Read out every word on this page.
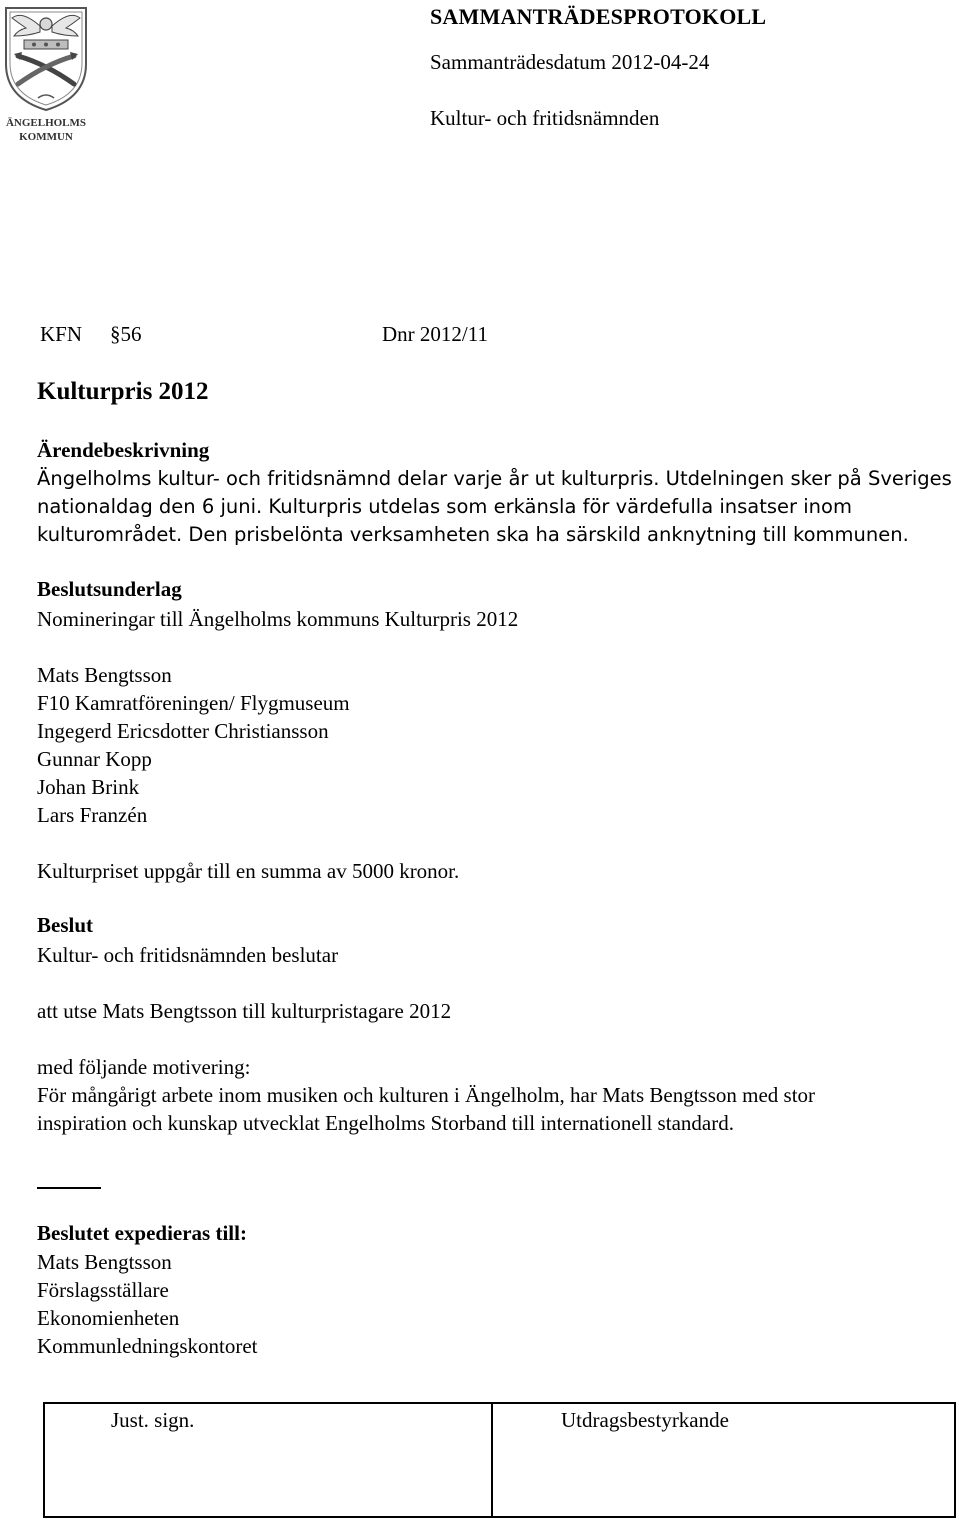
ÄNGELHOLMS
KOMMUN
SAMMANTRÄDESPROTOKOLL
Sammanträdesdatum 2012-04-24
Kultur- och fritidsnämnden
KFN §56	Dnr 2012/11
Kulturpris 2012
Ärendebeskrivning
Ängelholms kultur- och fritidsnämnd delar varje år ut kulturpris. Utdelningen sker på Sveriges
nationaldag den 6 juni. Kulturpris utdelas som erkänsla för värdefulla insatser inom
kulturområdet. Den prisbelönta verksamheten ska ha särskild anknytning till kommunen.
Beslutsunderlag
Nomineringar till Ängelholms kommuns Kulturpris 2012
Mats Bengtsson
F10 Kamratföreningen/ Flygmuseum
Ingegerd Ericsdotter Christiansson
Gunnar Kopp
Johan Brink
Lars Franzén
Kulturpriset uppgår till en summa av 5000 kronor.
Beslut
Kultur- och fritidsnämnden beslutar
att utse Mats Bengtsson till kulturpristagare 2012
med följande motivering:
För mångårigt arbete inom musiken och kulturen i Ängelholm, har Mats Bengtsson med stor
inspiration och kunskap utvecklat Engelholms Storband till internationell standard.
Beslutet expedieras till:
Mats Bengtsson
Förslagsställare
Ekonomienheten
Kommunledningskontoret
Just. sign.	Utdragsbestyrkande
